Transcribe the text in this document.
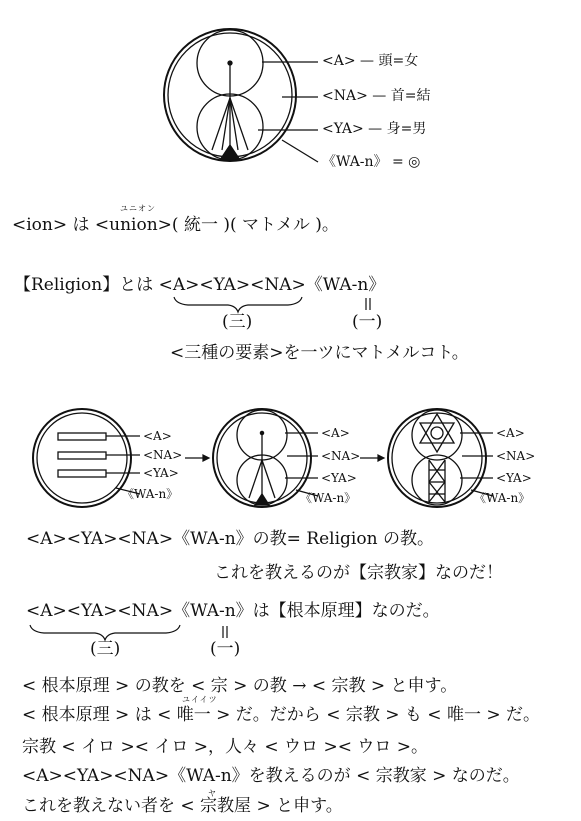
<A> — 頭=女
<NA> — 首=結
<YA> — 身=男
《WA-n》 = ◎
ユニオン
<ion> は <union>( 統一 )( マトメル )。
【Religion】とは <A><YA><NA>《WA-n》
(三)	(一)
<三種の要素>を一ツにマトメルコト。
<A>
<NA>
<YA>
《WA-n》
<A>
<NA>
<YA>
《WA-n》
<A>
<NA>
<YA>
《WA-n》
<A><YA><NA>《WA-n》の教= Religion の教。
これを教えるのが【宗教家】なのだ！
<A><YA><NA>《WA-n》は【根本原理】なのだ。
(三)	(一)
< 根本原理 > の教を < 宗 > の教 → < 宗教 > と申す。
ユイイツ
< 根本原理 > は < 唯一 > だ。だから < 宗教 > も < 唯一 > だ。
宗教 < イロ >< イロ >，人々 < ウロ >< ウロ >。
<A><YA><NA>《WA-n》を教えるのが < 宗教家 > なのだ。
ヤ
これを教えない者を < 宗教屋 > と申す。
